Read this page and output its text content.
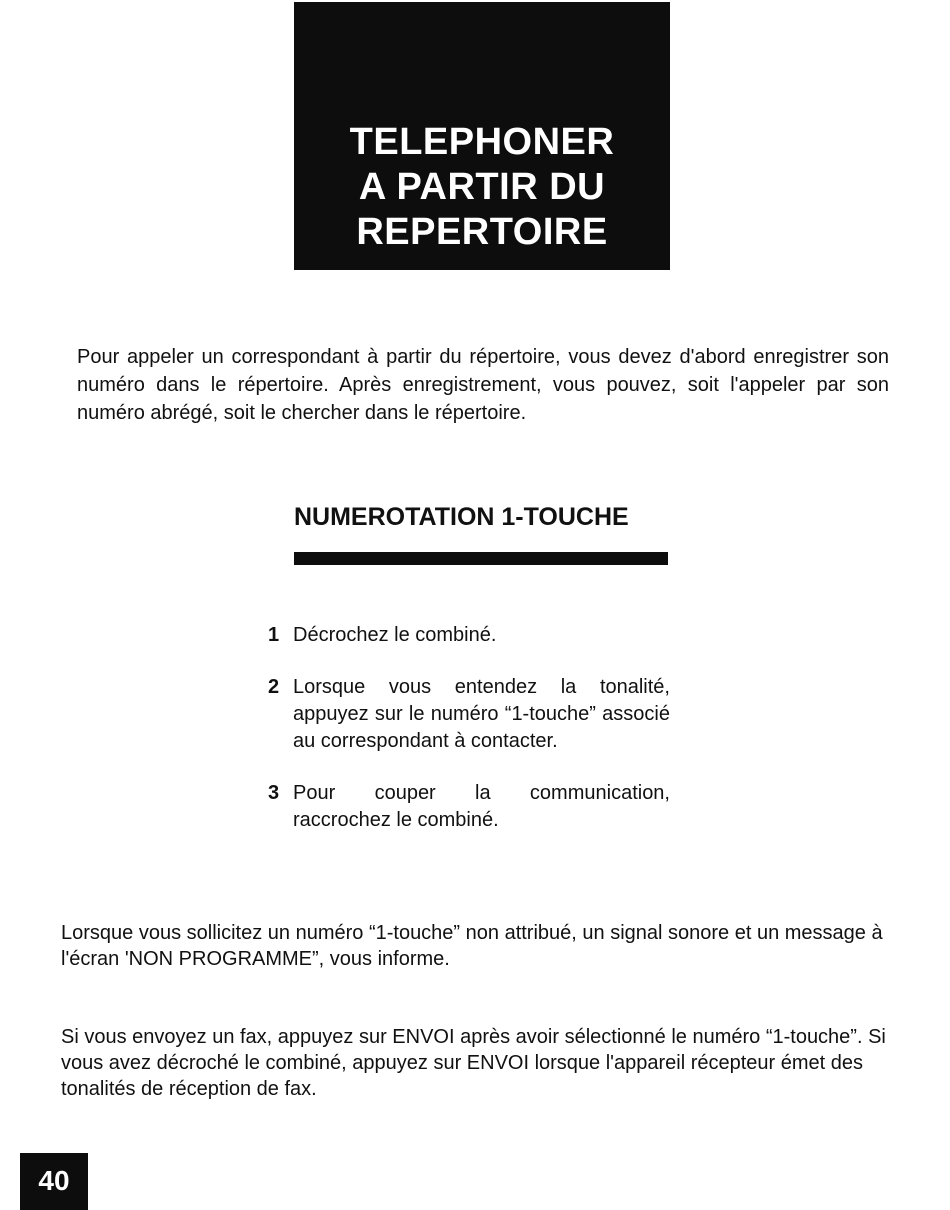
TELEPHONER
A PARTIR DU
REPERTOIRE

Pour appeler un correspondant à partir du répertoire, vous devez d'abord enregistrer son numéro dans le répertoire. Après enregistrement, vous pouvez, soit l'appeler par son numéro abrégé, soit le chercher dans le répertoire.

NUMEROTATION 1-TOUCHE
1 Décrochez le combiné.
2 Lorsque vous entendez la tonalité, appuyez sur le numéro “1-touche” associé au correspondant à contacter.
3 Pour couper la communication, raccrochez le combiné.

Lorsque vous sollicitez un numéro “1-touche” non attribué, un signal sonore et un message à l'écran 'NON PROGRAMME”, vous informe.

Si vous envoyez un fax, appuyez sur ENVOI après avoir sélectionné le numéro “1-touche”. Si vous avez décroché le combiné, appuyez sur ENVOI lorsque l'appareil récepteur émet des tonalités de réception de fax.

40
